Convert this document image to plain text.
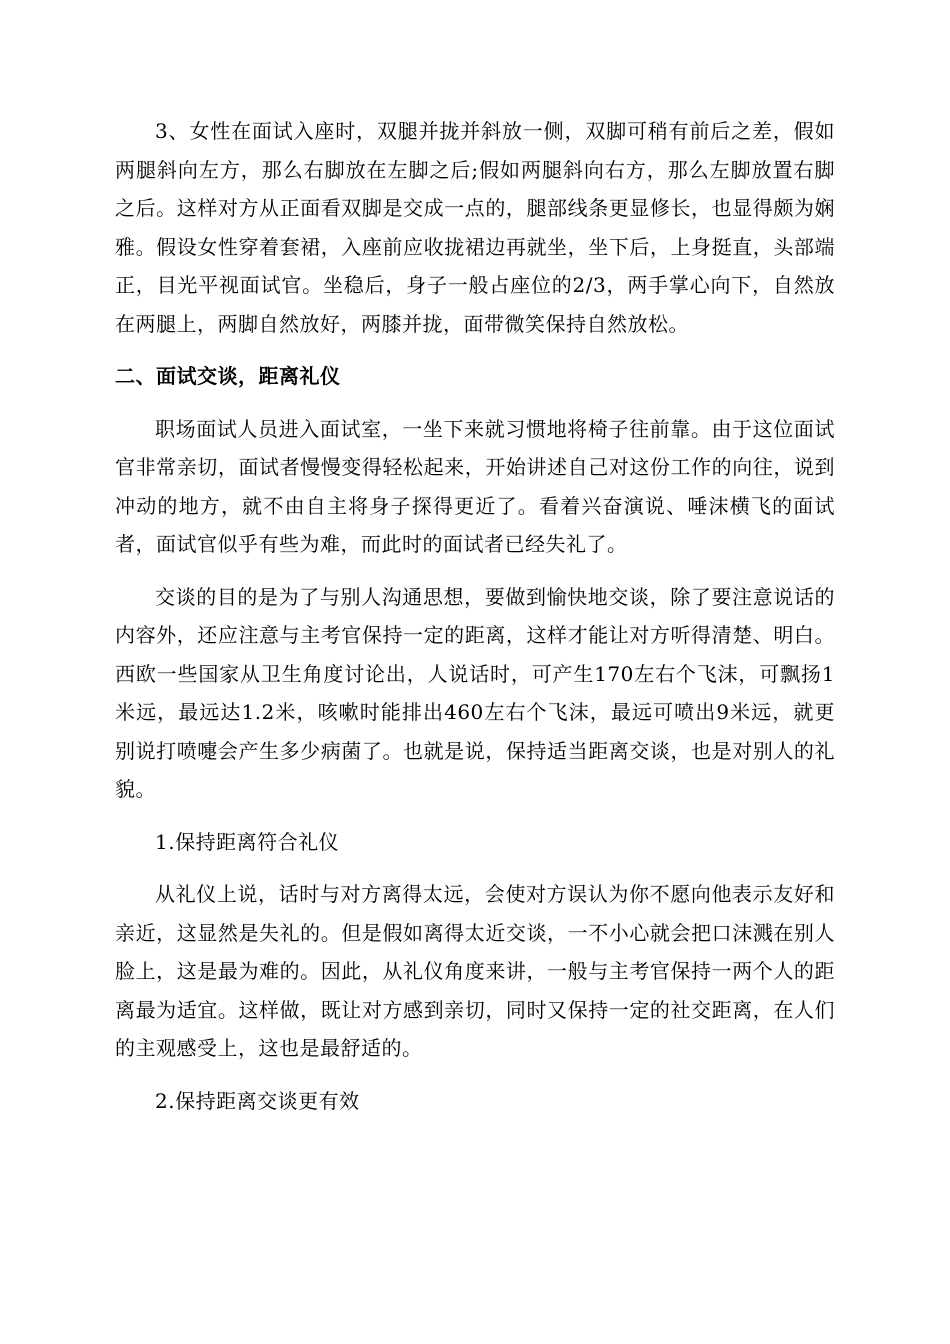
3、女性在面试入座时，双腿并拢并斜放一侧，双脚可稍有前后之差，假如两腿斜向左方，那么右脚放在左脚之后;假如两腿斜向右方，那么左脚放置右脚之后。这样对方从正面看双脚是交成一点的，腿部线条更显修长，也显得颇为娴雅。假设女性穿着套裙，入座前应收拢裙边再就坐，坐下后，上身挺直，头部端正，目光平视面试官。坐稳后，身子一般占座位的2/3，两手掌心向下，自然放在两腿上，两脚自然放好，两膝并拢，面带微笑保持自然放松。

二、面试交谈，距离礼仪

职场面试人员进入面试室，一坐下来就习惯地将椅子往前靠。由于这位面试官非常亲切，面试者慢慢变得轻松起来，开始讲述自己对这份工作的向往，说到冲动的地方，就不由自主将身子探得更近了。看着兴奋演说、唾沫横飞的面试者，面试官似乎有些为难，而此时的面试者已经失礼了。

交谈的目的是为了与别人沟通思想，要做到愉快地交谈，除了要注意说话的内容外，还应注意与主考官保持一定的距离，这样才能让对方听得清楚、明白。西欧一些国家从卫生角度讨论出，人说话时，可产生170左右个飞沫，可飘扬1米远，最远达1.2米，咳嗽时能排出460左右个飞沫，最远可喷出9米远，就更别说打喷嚏会产生多少病菌了。也就是说，保持适当距离交谈，也是对别人的礼貌。

1.保持距离符合礼仪

从礼仪上说，话时与对方离得太远，会使对方误认为你不愿向他表示友好和亲近，这显然是失礼的。但是假如离得太近交谈，一不小心就会把口沫溅在别人脸上，这是最为难的。因此，从礼仪角度来讲，一般与主考官保持一两个人的距离最为适宜。这样做，既让对方感到亲切，同时又保持一定的社交距离，在人们的主观感受上，这也是最舒适的。

2.保持距离交谈更有效
